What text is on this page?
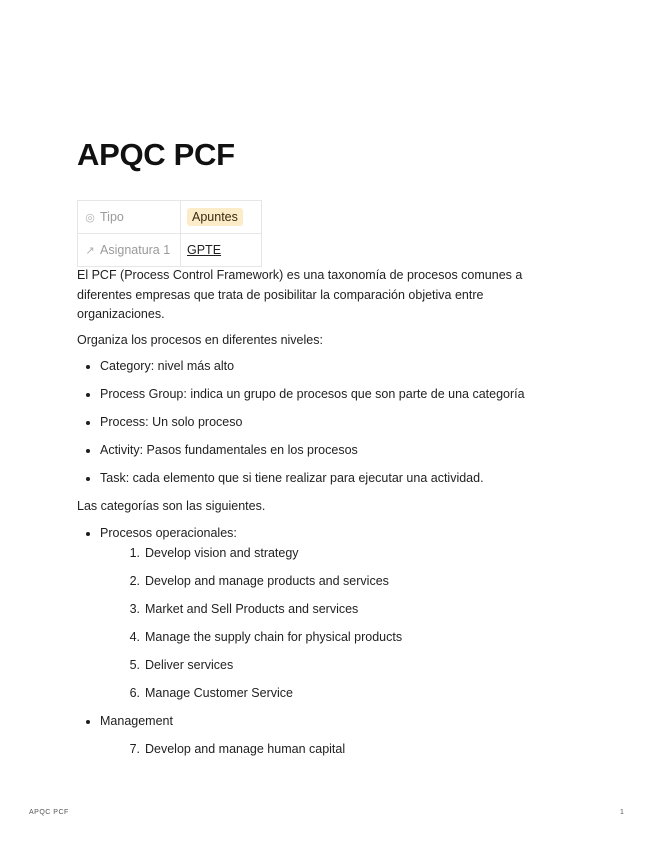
APQC PCF
◎ Tipo	Apuntes
↗ Asignatura 1	GPTE

El PCF (Process Control Framework) es una taxonomía de procesos comunes a diferentes empresas que trata de posibilitar la comparación objetiva entre organizaciones.

Organiza los procesos en diferentes niveles:

• Category: nivel más alto
• Process Group: indica un grupo de procesos que son parte de una categoría
• Process: Un solo proceso
• Activity: Pasos fundamentales en los procesos
• Task: cada elemento que si tiene realizar para ejecutar una actividad.

Las categorías son las siguientes.

• Procesos operacionales:
1. Develop vision and strategy
2. Develop and manage products and services
3. Market and Sell Products and services
4. Manage the supply chain for physical products
5. Deliver services
6. Manage Customer Service
• Management
7. Develop and manage human capital
APQC PCF	1
